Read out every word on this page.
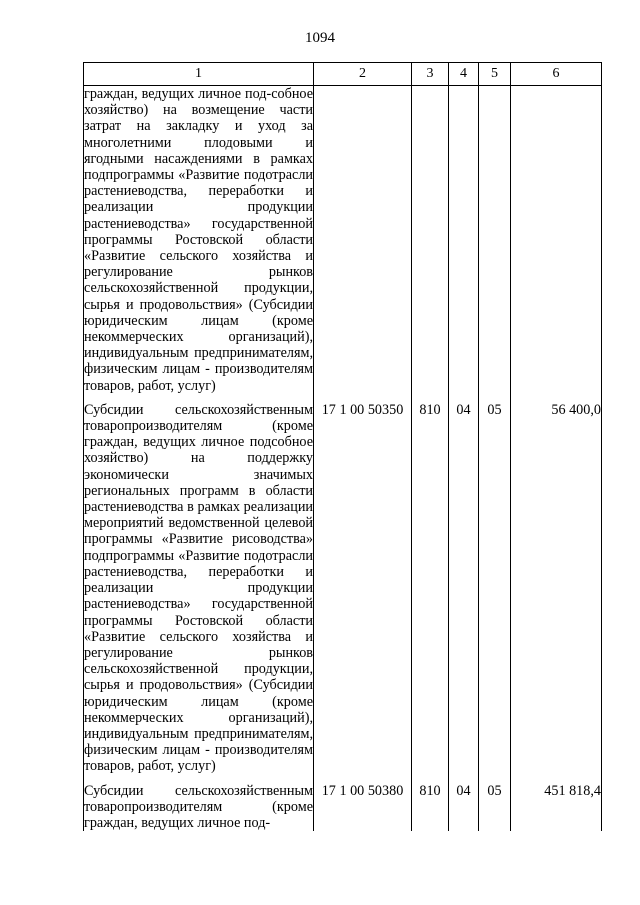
1094
1	2	3	4	5	6
граждан, ведущих личное под-собное хозяйство) на возмещение части затрат на закладку и уход за многолетними плодовыми и ягодными насаждениями в рамках подпрограммы «Развитие подотрасли растениеводства, переработки и реализации продукции растениеводства» государственной программы Ростовской области «Развитие сельского хозяйства и регулирование рынков сельскохозяйственной продукции, сырья и продовольствия» (Субсидии юридическим лицам (кроме некоммерческих организаций), индивидуальным предпринимателям, физическим лицам - производителям товаров, работ, услуг)					
Субсидии сельскохозяйственным товаропроизводителям (кроме граждан, ведущих личное подсобное хозяйство) на поддержку экономически значимых региональных программ в области растениеводства в рамках реализации мероприятий ведомственной целевой программы «Развитие рисоводства» подпрограммы «Развитие подотрасли растениеводства, переработки и реализации продукции растениеводства» государственной программы Ростовской области «Развитие сельского хозяйства и регулирование рынков сельскохозяйственной продукции, сырья и продовольствия» (Субсидии юридическим лицам (кроме некоммерческих организаций), индивидуальным предпринимателям, физическим лицам - производителям товаров, работ, услуг)	17 1 00 50350	810	04	05	56 400,0
Субсидии сельскохозяйственным товаропроизводителям (кроме граждан, ведущих личное под-	17 1 00 50380	810	04	05	451 818,4
